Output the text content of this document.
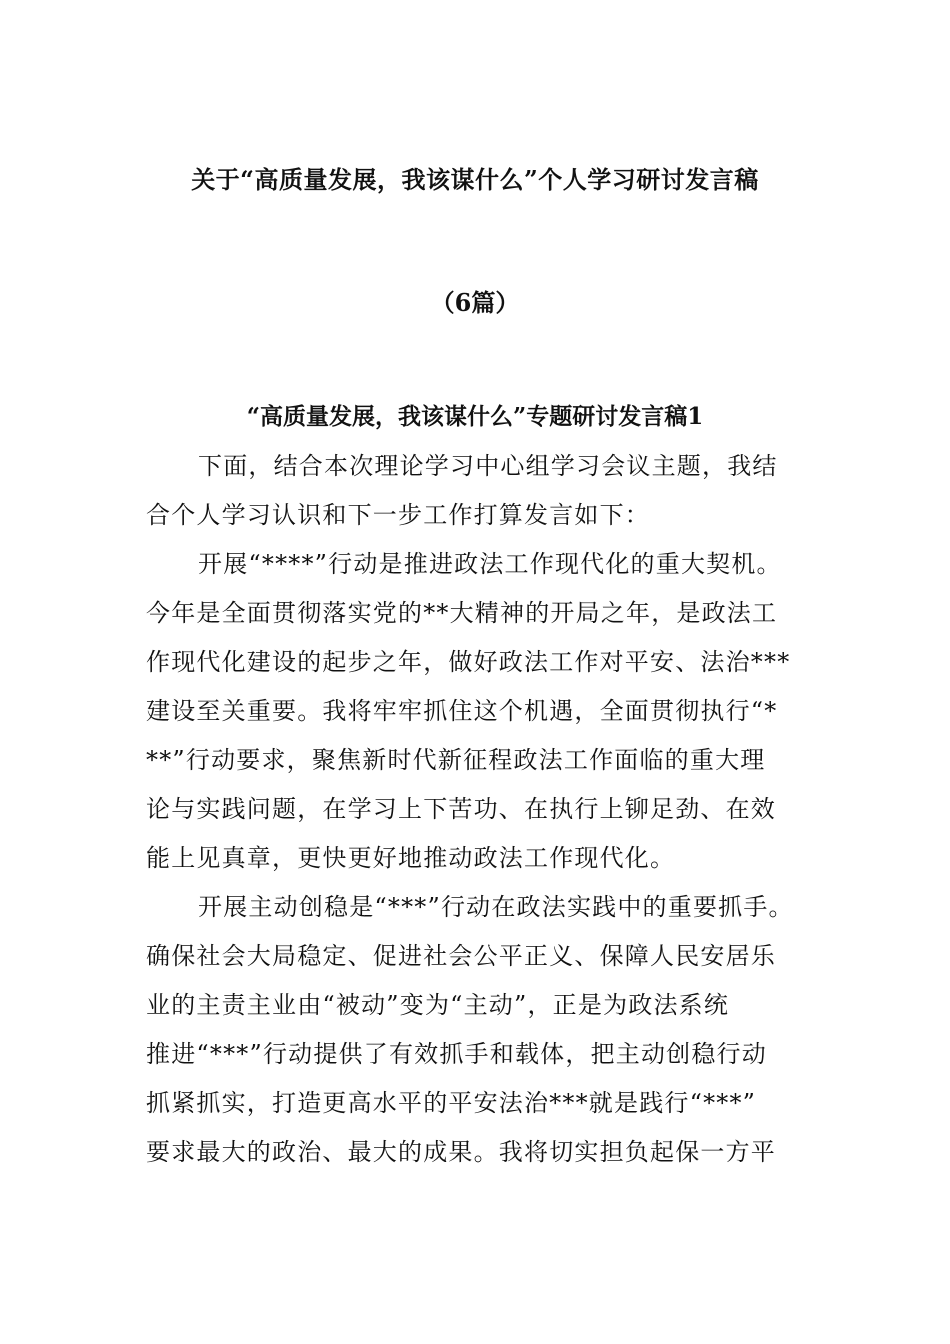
关于“高质量发展，我该谋什么”个人学习研讨发言稿
（6篇）
“高质量发展，我该谋什么”专题研讨发言稿1
下面，结合本次理论学习中心组学习会议主题，我结
合个人学习认识和下一步工作打算发言如下：
开展“****”行动是推进政法工作现代化的重大契机。
今年是全面贯彻落实党的**大精神的开局之年，是政法工
作现代化建设的起步之年，做好政法工作对平安、法治***
建设至关重要。我将牢牢抓住这个机遇，全面贯彻执行“*
**”行动要求，聚焦新时代新征程政法工作面临的重大理
论与实践问题，在学习上下苦功、在执行上铆足劲、在效
能上见真章，更快更好地推动政法工作现代化。
开展主动创稳是“***”行动在政法实践中的重要抓手。
确保社会大局稳定、促进社会公平正义、保障人民安居乐
业的主责主业由“被动”变为“主动”，正是为政法系统
推进“***”行动提供了有效抓手和载体，把主动创稳行动
抓紧抓实，打造更高水平的平安法治***就是践行“***”
要求最大的政治、最大的成果。我将切实担负起保一方平
